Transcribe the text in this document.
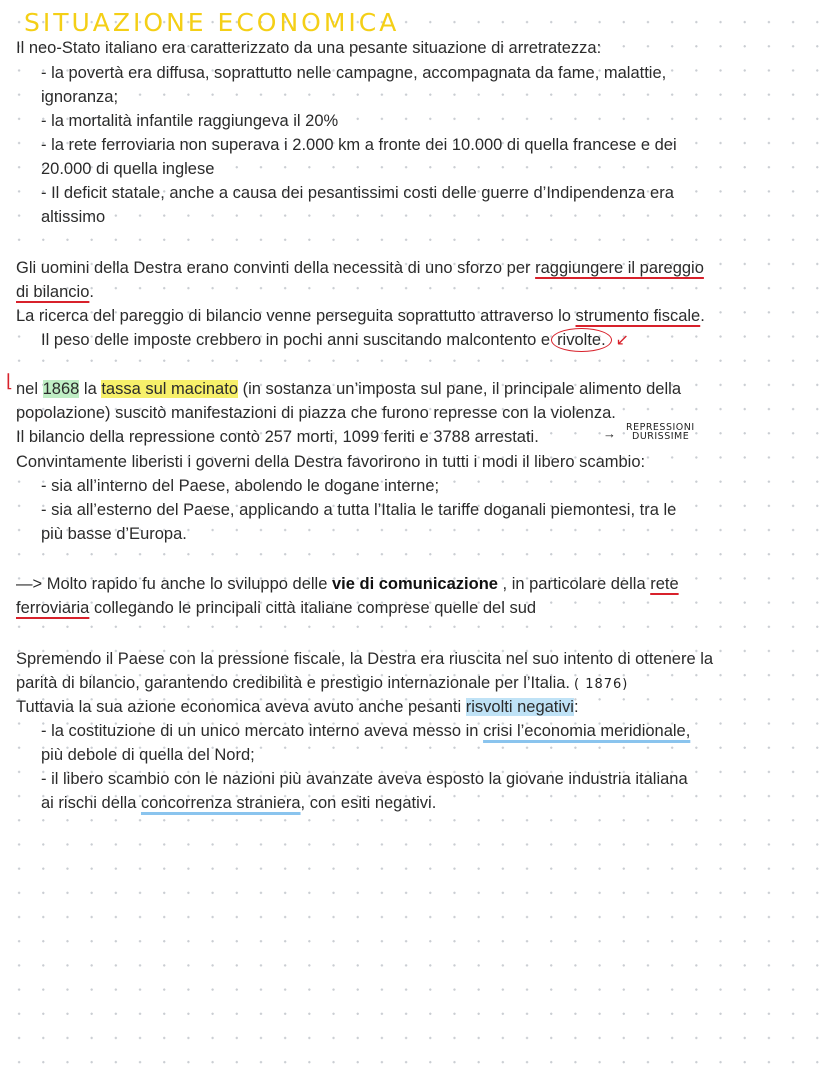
SITUAZIONE ECONOMICA
Il neo-Stato italiano era caratterizzato da una pesante situazione di arretratezza:
- la povertà era diffusa, soprattutto nelle campagne, accompagnata da fame, malattie,
ignoranza;
- la mortalità infantile raggiungeva il 20%
- la rete ferroviaria non superava i 2.000 km a fronte dei 10.000 di quella francese e dei
20.000 di quella inglese
- Il deficit statale, anche a causa dei pesantissimi costi delle guerre d’Indipendenza era
altissimo
Gli uomini della Destra erano convinti della necessità di uno sforzo per raggiungere il pareggio
di bilancio.
La ricerca del pareggio di bilancio venne perseguita soprattutto attraverso lo strumento fiscale.
Il peso delle imposte crebbero in pochi anni suscitando malcontento e rivolte. ↙
⌊ nel 1868 la tassa sul macinato (in sostanza un’imposta sul pane, il principale alimento della
popolazione) suscitò manifestazioni di piazza che furono represse con la violenza.
Il bilancio della repressione contò 257 morti, 1099 feriti e 3788 arrestati.	→ REPRESSIONI
DURISSIME
Convintamente liberisti i governi della Destra favorirono in tutti i modi il libero scambio:
- sia all’interno del Paese, abolendo le dogane interne;
- sia all’esterno del Paese, applicando a tutta l’Italia le tariffe doganali piemontesi, tra le
più basse d’Europa.
—> Molto rapido fu anche lo sviluppo delle vie di comunicazione , in particolare della rete
ferroviaria collegando le principali città italiane comprese quelle del sud
Spremendo il Paese con la pressione fiscale, la Destra era riuscita nel suo intento di ottenere la
parità di bilancio, garantendo credibilità e prestigio internazionale per l’Italia. ( 1876)
Tuttavia la sua azione economica aveva avuto anche pesanti risvolti negativi:
- la costituzione di un unico mercato interno aveva messo in crisi l’economia meridionale,
più debole di quella del Nord;
- il libero scambio con le nazioni più avanzate aveva esposto la giovane industria italiana
ai rischi della concorrenza straniera, con esiti negativi.
